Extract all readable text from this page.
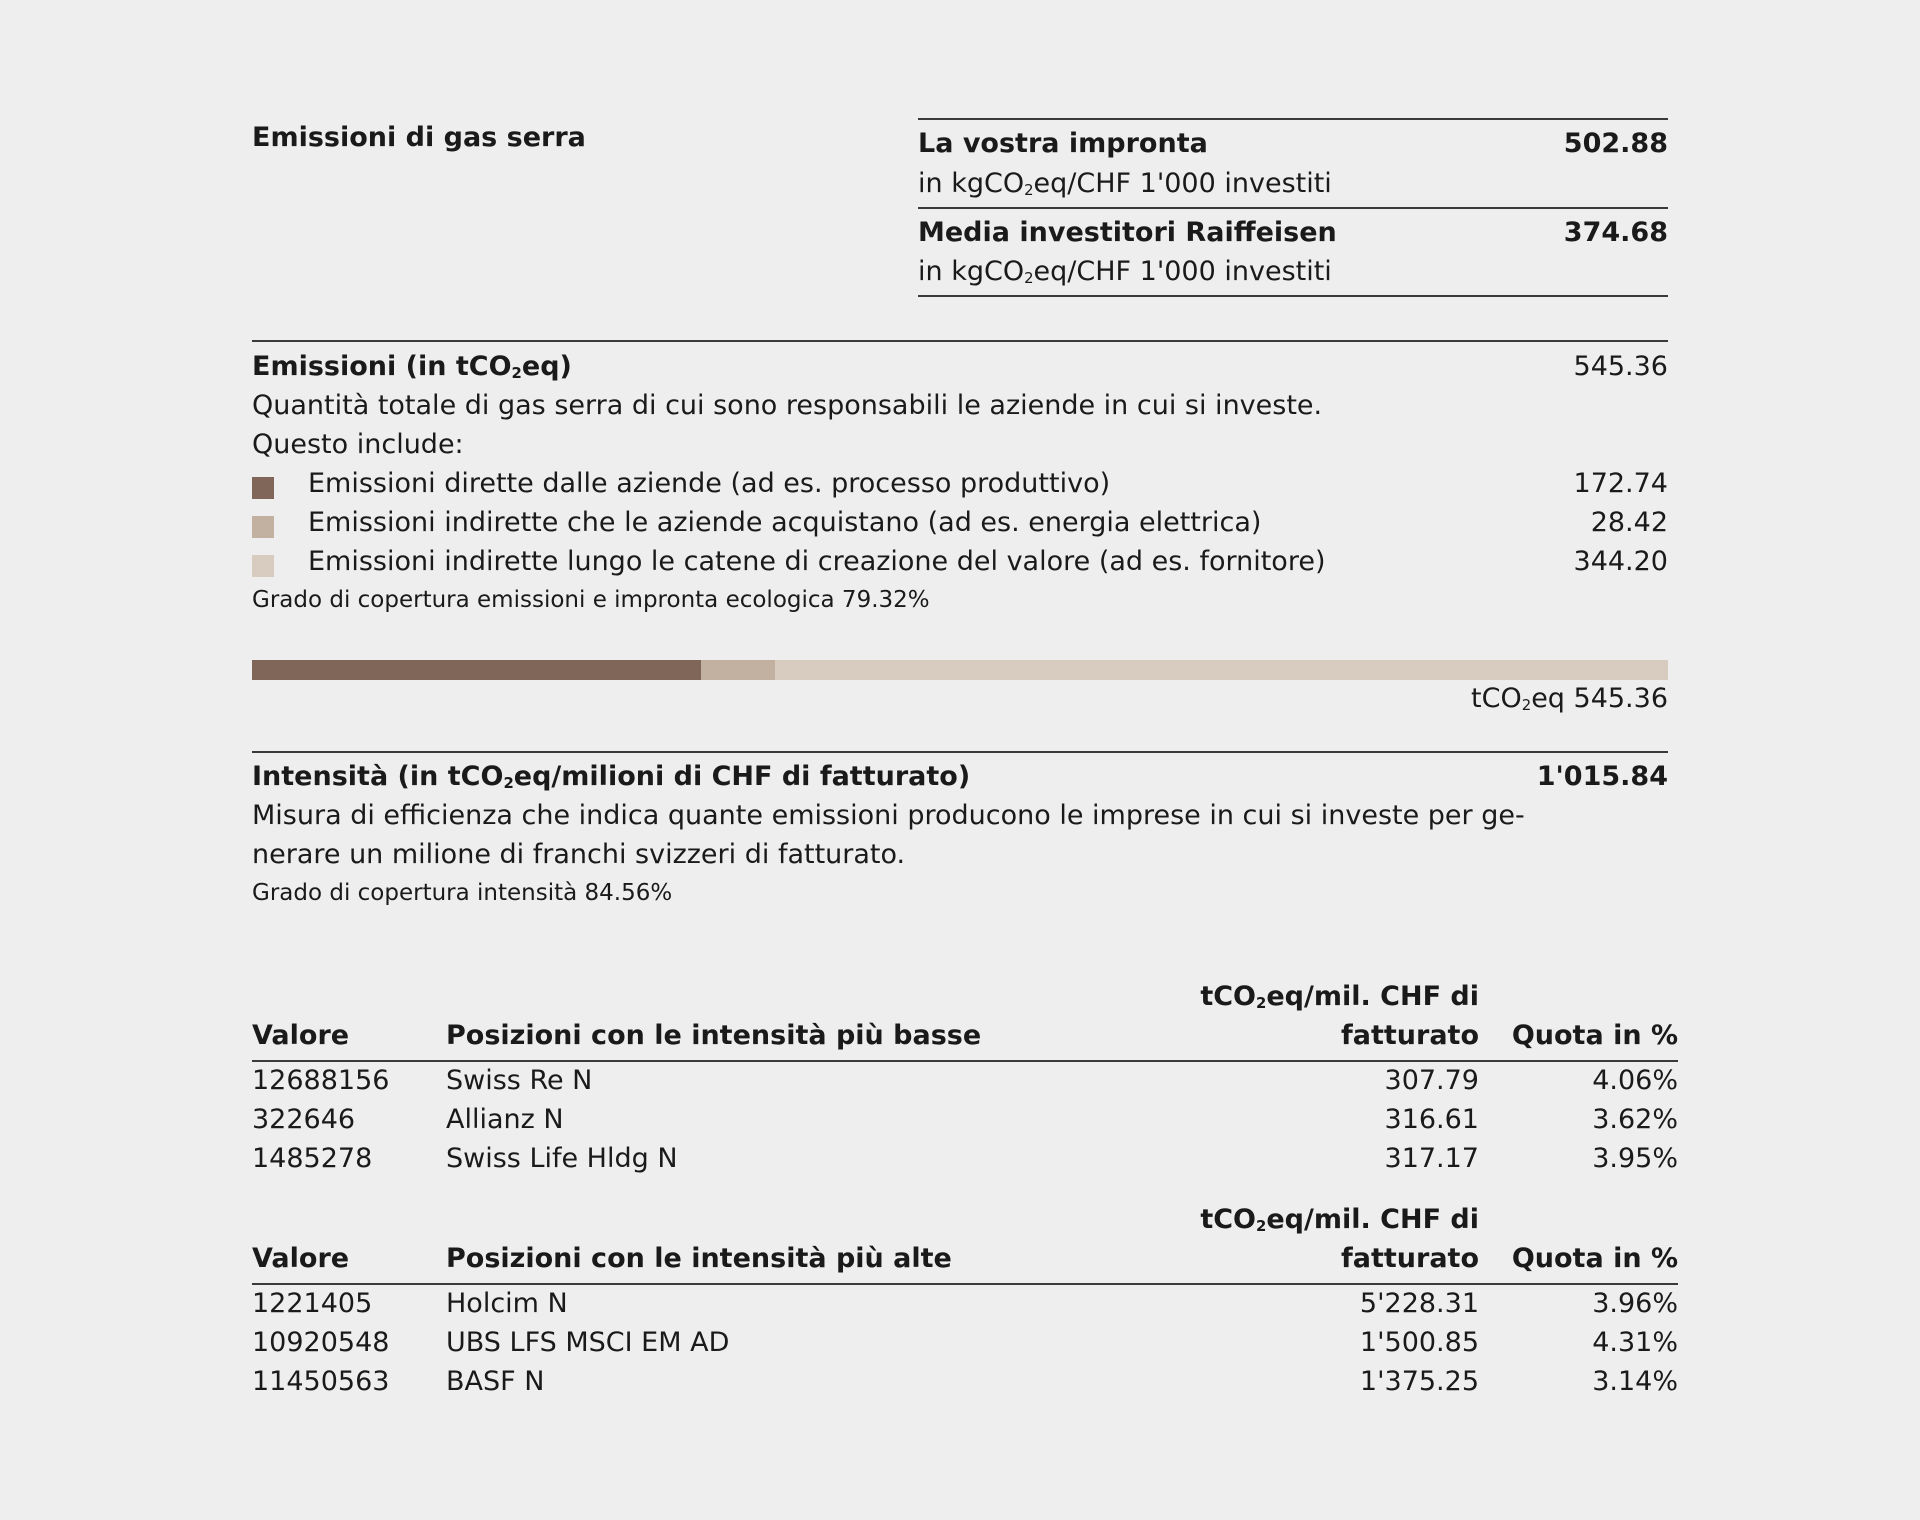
Emissioni di gas serra	La vostra impronta	502.88
in kgCO$_2$eq/CHF 1'000 investiti
Media investitori Raiffeisen	374.68
in kgCO$_2$eq/CHF 1'000 investiti
Emissioni (in tCO$_2$eq)	545.36
Quantità totale di gas serra di cui sono responsabili le aziende in cui si investe.
Questo include:
Emissioni dirette dalle aziende (ad es. processo produttivo)	172.74
Emissioni indirette che le aziende acquistano (ad es. energia elettrica)	28.42
Emissioni indirette lungo le catene di creazione del valore (ad es. fornitore)	344.20
Grado di copertura emissioni e impronta ecologica 79.32%
tCO$_2$eq 545.36
Intensità (in tCO$_2$eq/milioni di CHF di fatturato)	1'015.84
Misura di efficienza che indica quante emissioni producono le imprese in cui si investe per ge-
nerare un milione di franchi svizzeri di fatturato.
Grado di copertura intensità 84.56%
tCO$_2$eq/mil. CHF di
Valore	Posizioni con le intensità più basse	fatturato Quota in %
12688156 Swiss Re N	307.79	4.06%
322646	Allianz N	316.61	3.62%
1485278	Swiss Life Hldg N	317.17	3.95%
tCO$_2$eq/mil. CHF di
Valore	Posizioni con le intensità più alte	fatturato Quota in %
1221405	Holcim N	5'228.31	3.96%
10920548 UBS LFS MSCI EM AD	1'500.85	4.31%
11450563 BASF N	1'375.25	3.14%
